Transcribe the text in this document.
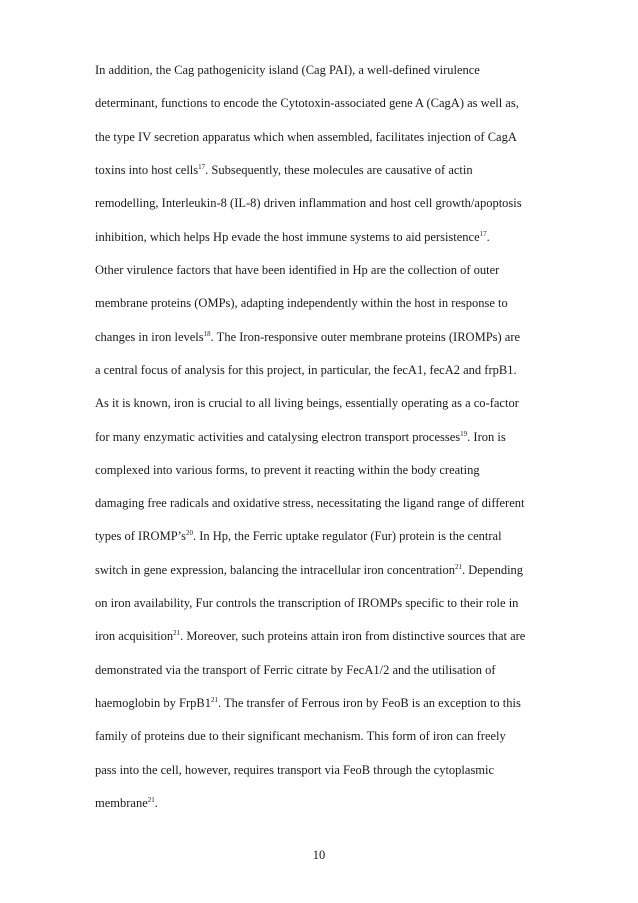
In addition, the Cag pathogenicity island (Cag PAI), a well-defined virulence

determinant, functions to encode the Cytotoxin-associated gene A (CagA) as well as,

the type IV secretion apparatus which when assembled, facilitates injection of CagA

toxins into host cells$^{17}$. Subsequently, these molecules are causative of actin

remodelling, Interleukin-8 (IL-8) driven inflammation and host cell growth/apoptosis

inhibition, which helps Hp evade the host immune systems to aid persistence$^{17}$.

Other virulence factors that have been identified in Hp are the collection of outer

membrane proteins (OMPs), adapting independently within the host in response to

changes in iron levels$^{18}$. The Iron-responsive outer membrane proteins (IROMPs) are

a central focus of analysis for this project, in particular, the fecA1, fecA2 and frpB1.

As it is known, iron is crucial to all living beings, essentially operating as a co-factor

for many enzymatic activities and catalysing electron transport processes$^{19}$. Iron is

complexed into various forms, to prevent it reacting within the body creating

damaging free radicals and oxidative stress, necessitating the ligand range of different

types of $IROMP’s^{20}$. In Hp, the Ferric uptake regulator (Fur) protein is the central

switch in gene expression, balancing the intracellular iron concentration$^{21}$. Depending

on iron availability, Fur controls the transcription of IROMPs specific to their role in

iron acquisition$^{21}$. Moreover, such proteins attain iron from distinctive sources that are

demonstrated via the transport of Ferric citrate by FecA1/2 and the utilisation of

haemoglobin by $FrpB1^{21}$. The transfer of Ferrous iron by FeoB is an exception to this

family of proteins due to their significant mechanism. This form of iron can freely

pass into the cell, however, requires transport via FeoB through the cytoplasmic

membrane$^{21}$.

10
